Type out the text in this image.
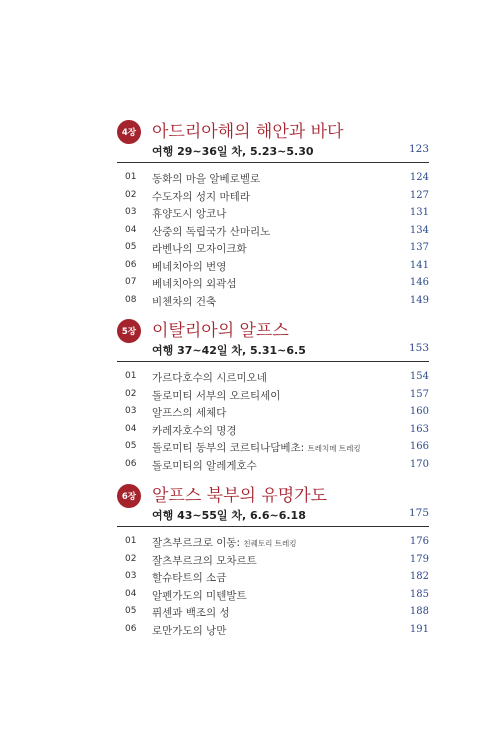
4장 아드리아해의 해안과 바다
여행 29~36일 차, 5.23~5.30	123
01 동화의 마을 알베로벨로	124
02 수도자의 성지 마테라	127
03 휴양도시 앙코나	131
04 산중의 독립국가 산마리노	134
05 라벤나의 모자이크화	137
06 베네치아의 번영	141
07 베네치아의 외곽섬	146
08 비첸차의 건축	149
5장 이탈리아의 알프스
여행 37~42일 차, 5.31~6.5	153
01 가르다호수의 시르미오네	154
02 돌로미티 서부의 오르티세이	157
03 알프스의 세체다	160
04 카레자호수의 명경	163
05 돌로미티 동부의 코르티나담베초: 트레치메 트레킹	166
06 돌로미티의 알레게호수	170
6장 알프스 북부의 유명가도
여행 43~55일 차, 6.6~6.18	175
01 잘츠부르크로 이동: 친퀘토리 트레킹	176
02 잘츠부르크의 모차르트	179
03 할슈타트의 소금	182
04 알펜가도의 미텐발트	185
05 퓌센과 백조의 성	188
06 로만가도의 낭만	191
